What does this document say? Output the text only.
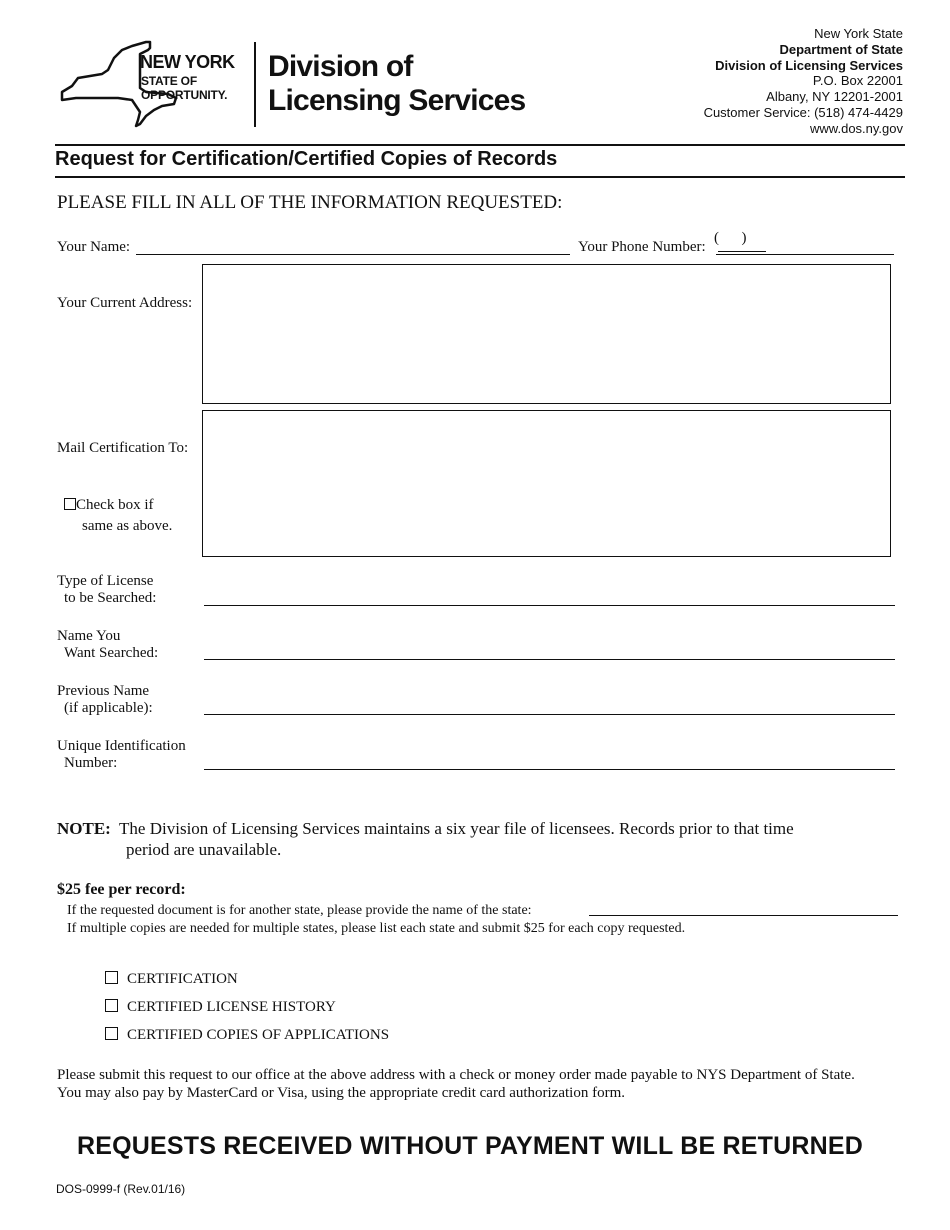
NEW YORK
STATE OF
OPPORTUNITY.
Division of
Licensing Services
New York State
Department of State
Division of Licensing Services
P.O. Box 22001
Albany, NY 12201-2001
Customer Service: (518) 474-4429
www.dos.ny.gov
Request for Certification/Certified Copies of Records
PLEASE FILL IN ALL OF THE INFORMATION REQUESTED:
Your Name:	Your Phone Number:
(      )
Your Current Address:
Mail Certification To:
Check box if
same as above.
Type of License
to be Searched:
Name You
Want Searched:
Previous Name
(if applicable):
Unique Identification
Number:
NOTE: The Division of Licensing Services maintains a six year file of licensees. Records prior to that time
period are unavailable.
$25 fee per record:
If the requested document is for another state, please provide the name of the state:
If multiple copies are needed for multiple states, please list each state and submit $25 for each copy requested.
CERTIFICATION
CERTIFIED LICENSE HISTORY
CERTIFIED COPIES OF APPLICATIONS
Please submit this request to our office at the above address with a check or money order made payable to NYS Department of State.
You may also pay by MasterCard or Visa, using the appropriate credit card authorization form.
REQUESTS RECEIVED WITHOUT PAYMENT WILL BE RETURNED
DOS-0999-f (Rev.01/16)
